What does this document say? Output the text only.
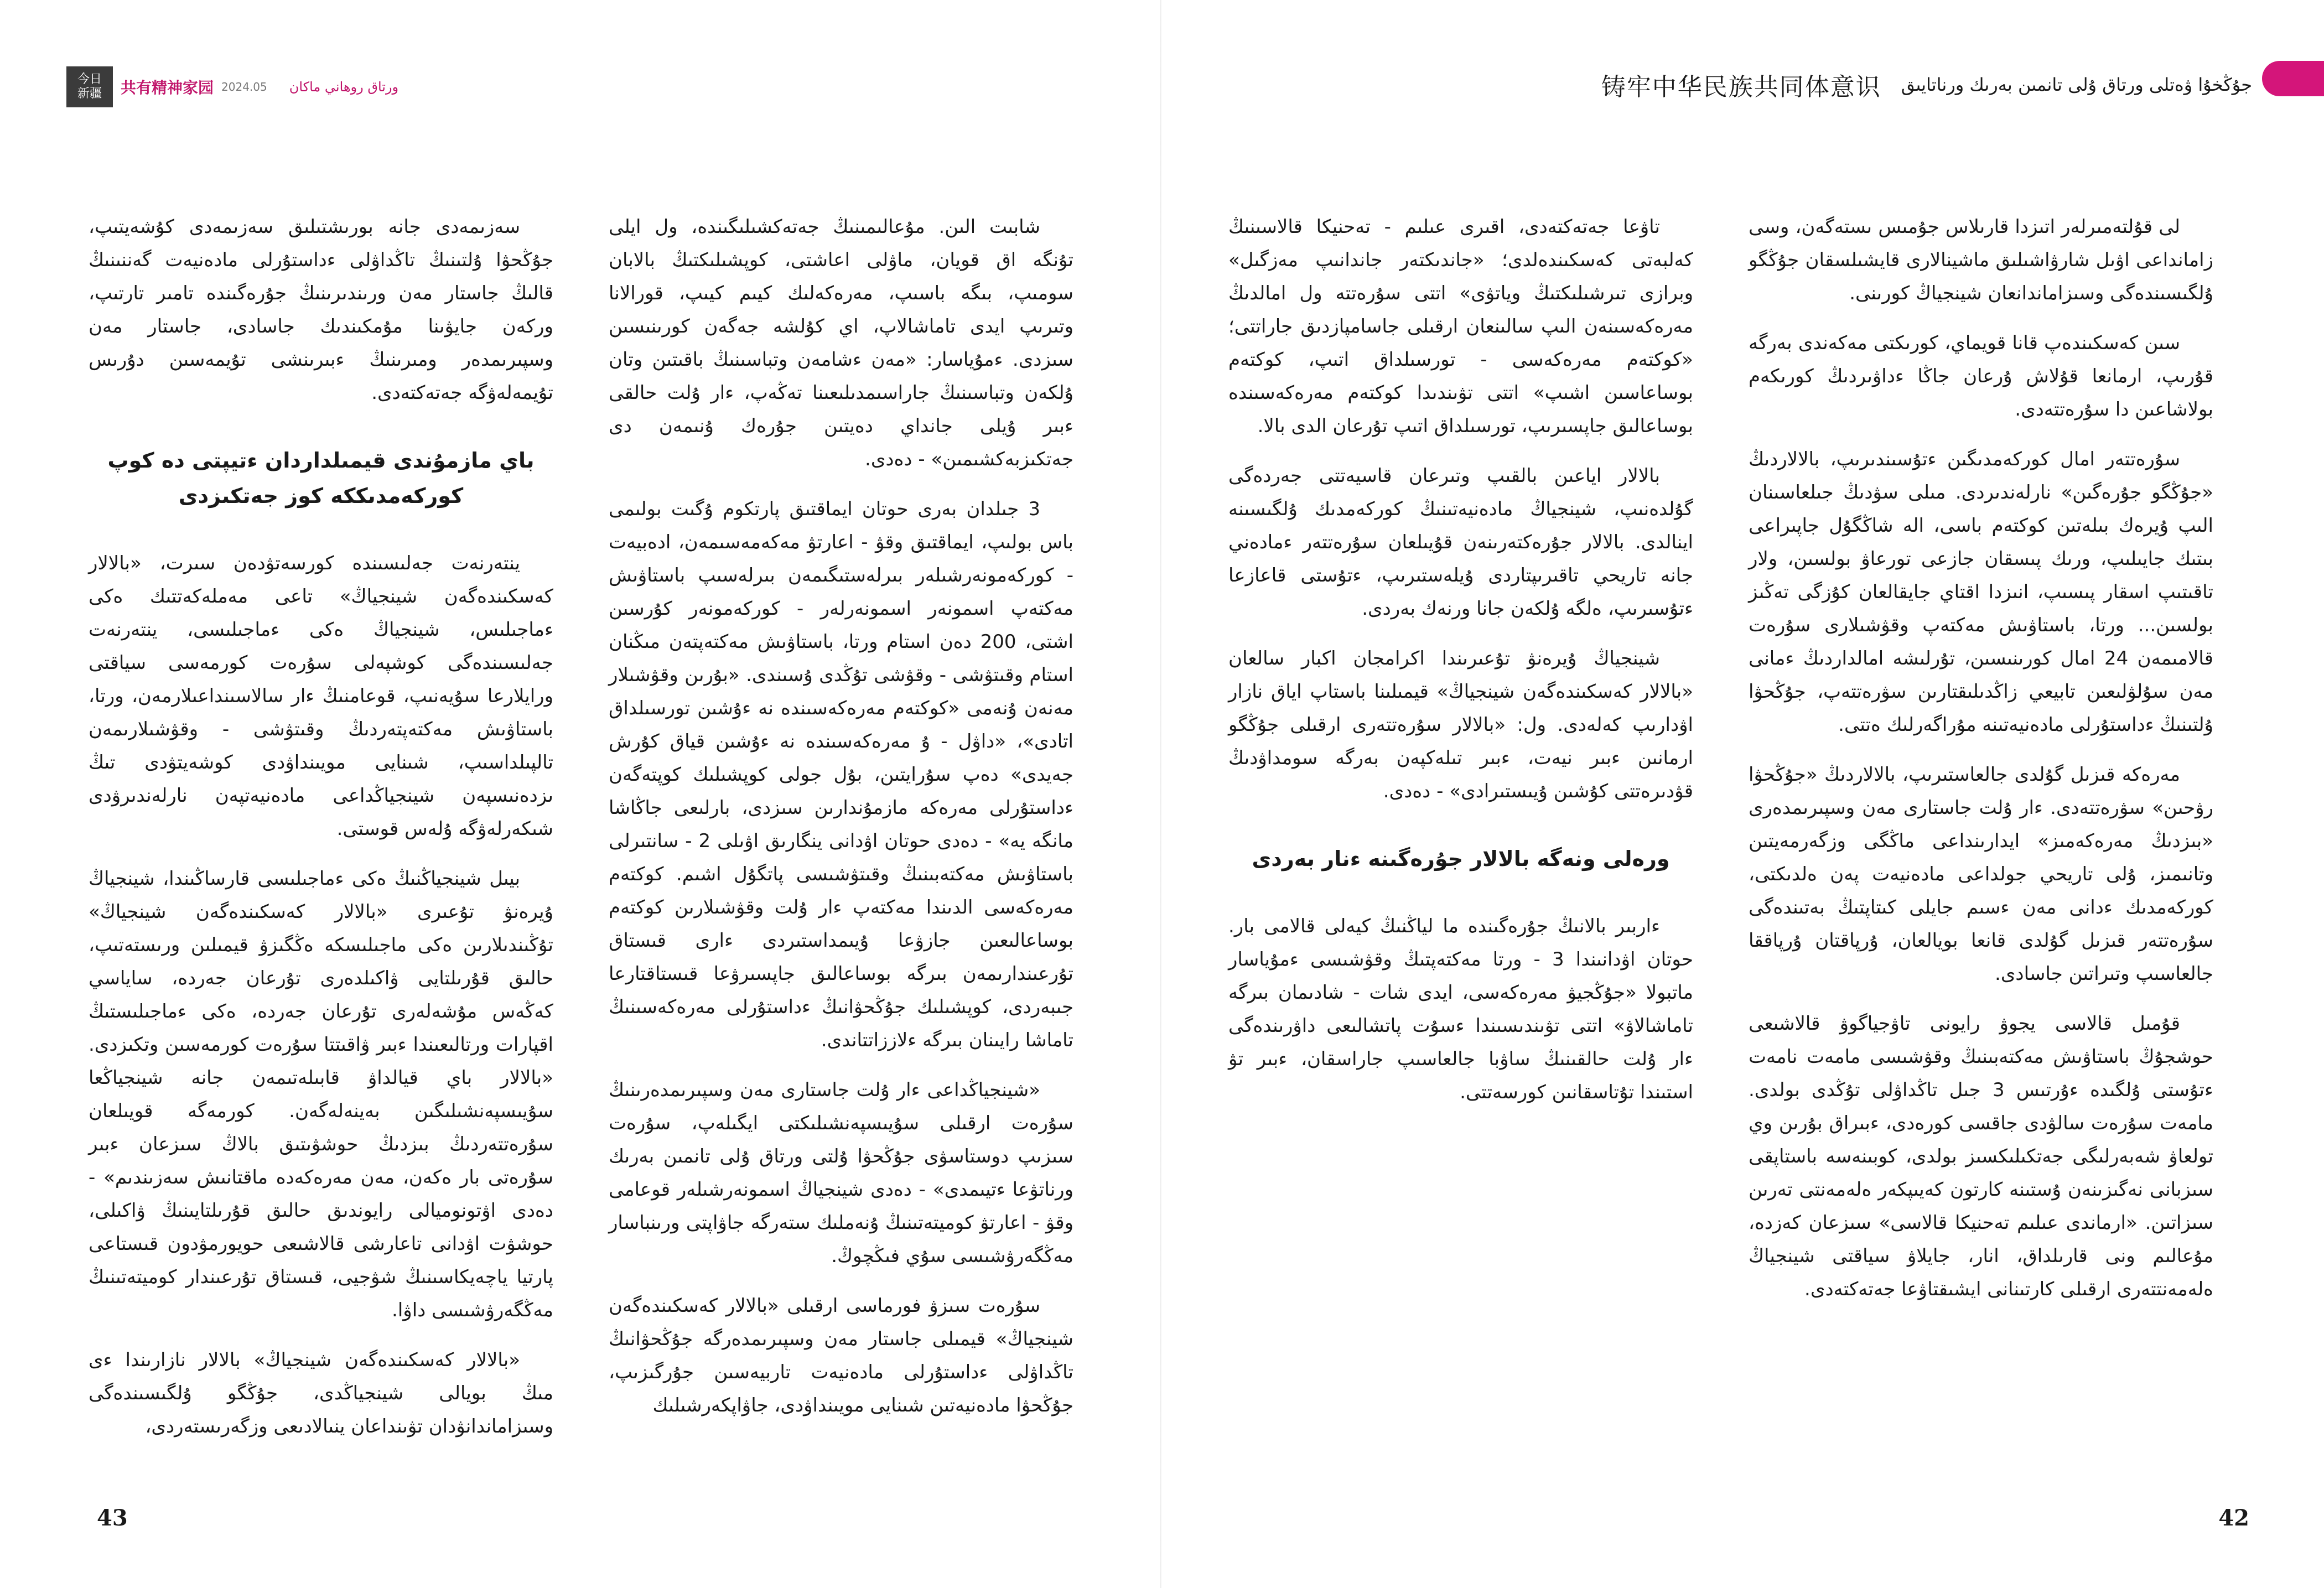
今日
新疆 共有精神家园 2024.05 ورتاق روھاني ماكان

سەزىمەدى جانە بورىشتىلىق سەزىمەدى كۇشەيتىپ، جۇڭحۋا ۇلتىنىڭ تاڭداۋلى ءداستۇرلى مادەنيەت گەننىنىڭ قالىڭ جاستار مەن ورىندىرىنىڭ جۇرەگىندە تامىر تارتىپ، وركەن جايۋىنا مۇمكىندىك جاسادى، جاستار مەن وسپىرىمدەر ومىرىنىڭ ءبىرىنشى تۇيمەسىن دۇرىس تۇيمەلەۋگە جەتەكتەدى.

باي مازمۇندى قيمىلداردان ءتيپتى دە كوپ كوركەمدىككە كوز جەتكىزدى

ينتەرنەت جەلىسىندە كورسەتۋدەن سىرت، «بالالار كەسكىندەگەن شينجياڭ» تاعى مەملەكەتتىك ەكى ءماجىلىس، شينجياڭ ەكى ءماجىلىسى، ينتەرنەت جەلىسىندەگى كوشپەلى سۇرەت كورمەسى سياقتى ورايلارعا سۇيەنىپ، قوعامنىڭ ءار سالاسىنداعىلارمەن، ورتا، باستاۋىش مەكتەپتەردىڭ وقىتۋشى - وقۋشىلارىمەن تالپىلداسىپ، شىنايى مويىنداۋدى كوشەيتۋدى تىڭ ىزدەنىسپەن شينجياڭداعى مادەنيەتپەن نارلەندىرۋدى شىكەرلەۋگە ۇلەس قوستى.

بيىل شينجياڭنىڭ ەكى ءماجىلىسى قارساڭىندا، شينجياڭ ۇيرەنۋ تۇعىرى «بالالار كەسكىندەگەن شينجياڭ» تۇڭىندىلارىن ەكى ماجىلىسكە ەڭگىزۋ قيمىلىن ورىستەتىپ، حالىق قۇرىلتايى ۋاكىلدەرى تۇرعان جەردە، ساياسي كەڭەس مۇشەلەرى تۇرعان جەردە، ەكى ءماجىلىستىڭ اقپارات ورتالىعىندا ءبىر ۋاقىتتا سۇرەت كورمەسىن وتكىزدى. «بالالار باي قيالداۋ قابىلەتىمەن جانە شينجياڭعا سۇيىسپەنشىلىگىن بەينەلەگەن. كورمەگە قويىلعان سۇرەتتەردىڭ بىزدىڭ حوشۋىتىق بالاڭ سىزعان ءبىر سۇرەتى بار ەكەن، مەن مەرەكەدە ماقتانىش سەزىندىم» - دەدى اۋتونوميالى رايوندىق حالىق قۇرىلتايىنىڭ ۋاكىلى، حوشۋت اۋدانى تاعارشى قالاشىعى حويورمۋدون قىستاعى پارتيا ياچەيكاسىنىڭ شۋجيى، قىستاق تۇرعىندار كوميتەتىنىڭ مەڭگەرۋشىسى داۋا.

«بالالار كەسكىندەگەن شينجياڭ» بالالار نازارىندا ءى مىڭ بويالى شينجياڭدى، جۇڭگو ۇلگىسىندەگى وسىزاماندانۋدان تۋىنداعان ينىالادىعى وزگەرىستەردى،

شابىت الىن. مۇعالىمىنىڭ جەتەكشىلىگىندە، ول ايلى تۇنگە اق قويان، ماۋلى اعاشتى، كوپشىلىكتىڭ بالابان سومىپ، بىگە باسىپ، مەرەكەلىك كيىم كيىپ، قورالانا وتىرىپ ايدى تاماشالاپ، اي كۇلشە جەگەن كورىنىسىن سىزدى. ءمۇياسار: «مەن ءشامەن وتباسىنىڭ باقىتىن وتان ۇلكەن وتباسىنىڭ جاراسىمدىلىعىنا تەڭەپ، ءار ۇلت حالقى ءبىر ۇيلى جانداي دەيتىن جۇرەك ۇنىمەن دى جەتكىزبەكشىمىن» - دەدى.

3 جىلدان بەرى حوتان ايماقتىق پارتكوم ۇگىت بولىمى باس بولىپ، ايماقتىق وقۋ - اعارتۋ مەكەمەسىمەن، ادەبيەت - كوركەمونەرشىلەر بىرلەستىگىمەن بىرلەسىپ باستاۋىش مەكتەپ اسمونەر اسمونەرلەر - كوركەمونەر كۇرسىن اشتى، 200 دەن استام ورتا، باستاۋىش مەكتەپتەن مىڭنان استام وقىتۋشى - وقۋشى تۇڭدى ۇسىندى. «بۇرىن وقۋشىلار مەنەن ۇنەمى «كوكتەم مەرەكەسىندە نە ءۇشىن تورسىلداق اتادى»، «داۋل - ۇ مەرەكەسىندە نە ءۇشىن قياق كۇرش جەيدى» دەپ سۇرايتىن، بۇل جولى كوپشىلىك كوپتەگەن ءداستۇرلى مەرەكە مازمۇندارىن سىزدى، بارلىعى جاڭاشا مانگە يە» - دەدى حوتان اۋدانى ينگارىق اۋىلى 2 - سانتىرلى باستاۋىش مەكتەبىنىڭ وقىتۋشىسى پاتگۇل اشىم. كوكتەم مەرەكەسى الدىندا مەكتەپ ءار ۇلت وقۋشىلارىن كوكتەم بوساعالىعىن جازۋعا ۇيىمداستىردى ءارى قىستاق تۇرعىندارىمەن بىرگە بوساعالىق جاپسىرۋعا قىستاقتارعا جىبەردى، كوپشىلىك جۇڭحۋانىڭ ءداستۇرلى مەرەكەسىنىڭ تاماشا رايىنان بىرگە ءلاززاتتاندى.

«شينجياڭداعى ءار ۇلت جاستارى مەن وسپىرىمدەرىنىڭ سۇرەت ارقىلى سۇيىسپەنشىلىكتى ايگىلەپ، سۇرەت سىزىپ دوستاسۋى جۇڭحۋا ۇلتى ورتاق ۇلى تانمىن بەرىك ورناتۋعا ءتيىمدى» - دەدى شينجياڭ اسمونەرشىلەر قوعامى وقۋ - اعارتۋ كوميتەتىنىڭ ۇنەملىك ستەرگە جاۋاپتى ورىنباسار مەڭگەرۋشىسى سۇي فىڭچوڭ.

سۇرەت سىزۋ فورماسى ارقىلى «بالالار كەسكىندەگەن شينجياڭ» قيمىلى جاستار مەن وسپىرىمدەرگە جۇڭحۋانىڭ تاڭداۋلى ءداستۇرلى مادەنيەت تاربيەسىن جۇرگىزىپ، جۇڭحۋا مادەنيەتىن شىنايى مويىنداۋدى، جاۋاپكەرشىلىك

43
铸牢中华民族共同体意识 جۇڭخۇا ۋەتلى ورتاق ۇلى تانمىن بەرىك ورناتايىق

تاۋعا جەتەكتەدى، اقىرى عىلىم - تەحنيكا قالاسىنىڭ كەلبەتى كەسكىندەلدى؛ «جاندىكتەر جاندانىپ مەزگىل» وبرازى تىرشىلىكتىڭ وياتۋى» اتتى سۇرەتتە ول امالدىڭ مەرەكەسىنەن الىپ سالىنعان ارقىلى جاسامپازدىق جاراتتى؛ «كوكتەم مەرەكەسى - تورسىلداق اتىپ، كوكتەم بوساعاسىن اشىپ» اتتى تۋىندىدا كوكتەم مەرەكەسىندە بوساعالىق جاپسىرىپ، تورسىلداق اتىپ تۇرعان الدى بالا.

بالالار اياعىن بالقىپ وتىرعان قاسيەتتى جەردەگى گۇلدەنىپ، شينجياڭ مادەنيەتىنىڭ كوركەمدىك ۇلگىسىنە اينالدى. بالالار جۇرەكتەرىنەن قۇيىلعان سۇرەتتەر ءمادەني جانە تاريحي تاقىرىپتاردى ۇيلەستىرىپ، ءتۇستى قاعازعا ءتۇسىرىپ، ەلگە ۇلكەن جانا ورنەك بەردى.

شينجياڭ ۇيرەنۋ تۇعىرىندا اكرامجان اكبار سالعان «بالالار كەسكىندەگەن شينجياڭ» قيمىلىنا باستاپ اياق نازار اۋدارىپ كەلەدى. ول: «بالالار سۇرەتتەرى ارقىلى جۇڭگو ارمانىن ءبىر نيەت، ءبىر تىلەكپەن بەرگە سومداۋدىڭ قۋدىرەتتى كۇشىن ۇيىستىرادى» - دەدى.

ورەلى ونەگە بالالار جۇرەگىنە ءنار بەردى

ءاربىر بالانىڭ جۇرەگىندە ما لياڭنىڭ كيەلى قالامى بار. حوتان اۋدانىندا 3 - ورتا مەكتەپتىڭ وقۋشىسى ءمۇياسار ماتبولا «جۇڭجيۋ مەرەكەسى، ايدى شات - شادىمان بىرگە تاماشالاۋ» اتتى تۋىندىسىندا ءسۇت پاتشالىعى داۋرىندەگى ءار ۇلت حالقىنىڭ ساۋبا جالعاسىپ جاراسقان، ءبىر تۋ استىندا تۇتاسقانىن كورسەتتى.

لى قۇلتەمىرلەر اتىزدا قارىلاس جۇمىس ىستەگەن، وسى زامانداعى اۋىل شارۋاشىلىق ماشينالارى قايشىلسقان جۇڭگو ۇلگىسىندەگى وسىزاماندانعان شينجياڭ كورىنى.

سىن كەسكىندەپ قانا قويماي، كورىكتى مەكەندى بەرگە قۇرىپ، ارمانعا قۇلاش ۇرعان جاڭا ءداۋىردىڭ كورىكەم بولاشاعىن دا سۇرەتتەدى.

سۇرەتتەر امال كوركەمدىگىن ءتۇسىندىرىپ، بالالاردىڭ «جۇڭگو جۇرەگىن» نارلەندىردى. مىلى سۋدىڭ جىلعاسىنان الىپ ۇيرەك بىلەتىن كوكتەم باسى، الە شاڭگۇل جاپىراعى بىتىك جايىلىپ، ورىك پىسقان جازعى تورعاۋ بولسىن، ولار تاقىتىپ اسقار پىسىپ، انىزدا اقتاي جايقالعان كۇزگى تەڭىز بولسىن... ورتا، باستاۋىش مەكتەپ وقۋشىلارى سۇرەت قالامىمەن 24 امال كورىنىسىن، تۇرلىشە امالداردىڭ ءمانى مەن سۇلۋلىعىن تابيعي زاڭدىلىقتارىن سۋرەتتەپ، جۇڭحۋا ۇلتىنىڭ ءداستۇرلى مادەنيەتىنە مۇراگەرلىك ەتتى.

مەرەكە قىزىل گۇلدى جالعاستىرىپ، بالالاردىڭ «جۇڭحۋا رۋحىن» سۋرەتتەدى. ءار ۇلت جاستارى مەن وسپىرىمدەرى «بىزدىڭ مەرەكەمىز» ايدارىنداعى ماڭگى وزگەرمەيتىن وتانىمىز، ۇلى تاريحي جولداعى مادەنيەت پەن ەلدىكتى، كوركەمدىك ءدانى مەن ءسىم جايلى كىتاپتىڭ بەتىندەگى سۇرەتتەر قىزىل گۇلدى قانعا بويالعان، ۇرپاقتان ۇرپاققا جالعاسىپ وتىراتىن جاسادى.

قۇمىل قالاسى يجوۋ رايونى تاۋجياگوۋ قالاشىعى حوشجۇڭ باستاۋىش مەكتەبىنىڭ وقۋشىسى مامەت نامەت ءتۇستى ۇلگىدە ءۇرتىس 3 جىل تاڭداۋلى تۇڭدى بولدى. مامەت سۇرەت سالۋدى جاقسى كورەدى، ءبىراق بۇرىن وي تولعاۋ شەبەرلىگى جەتكىلىكسىز بولدى، كوبىنەسە باستاپقى سىزبانى نەگىزىنەن ۇستىنە كارتون كەيىپكەر ەلەمەنتى تەرىن سىزاتىن. «ارماندى عىلىم تەحنيكا قالاسى» سىزعان كەزدە، مۇعالىم ونى قارىلداق، انار، جايلاۋ سياقتى شينجياڭ ەلەمەنتتەرى ارقىلى كارتىنانى ايشىقتاۋعا جەتەكتەدى.

42
